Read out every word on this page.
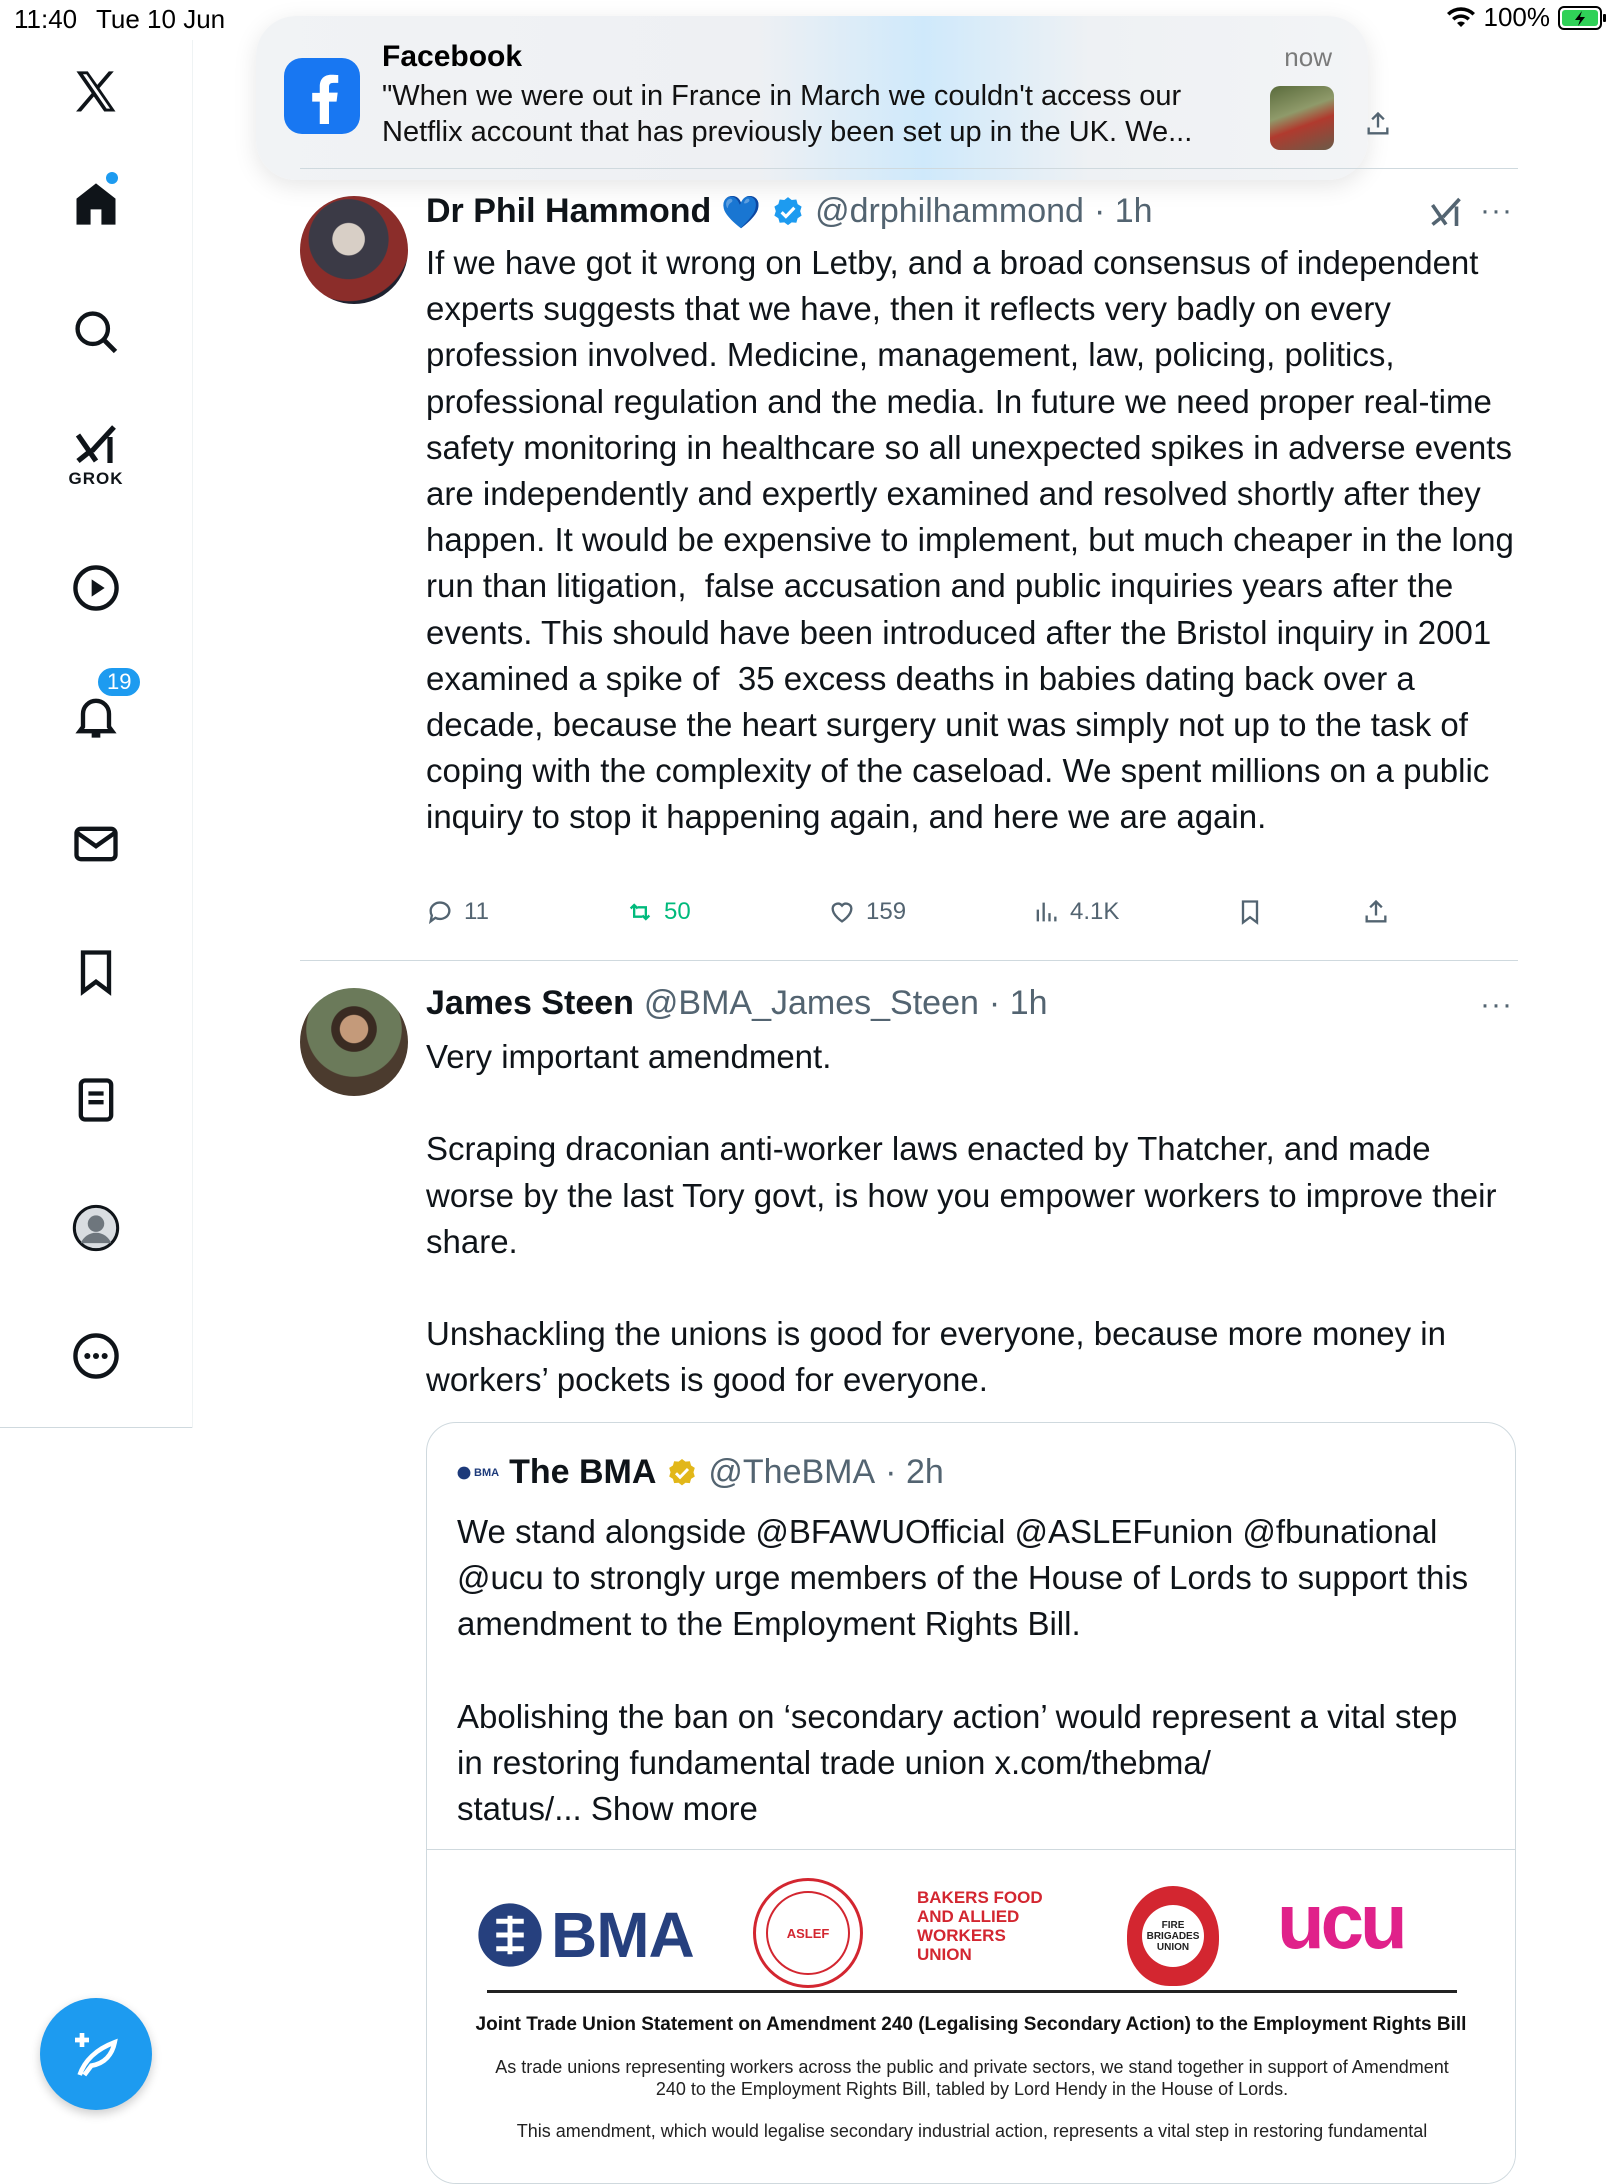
11:40 Tue 10 Jun	100%
GROK
19
Facebook	now
"When we were out in France in March we couldn't access our Netflix account that has previously been set up in the UK. We...
Dr Phil Hammond 💙 @drphilhammond · 1h	···
If we have got it wrong on Letby, and a broad consensus of independent experts suggests that we have, then it reflects very badly on every profession involved. Medicine, management, law, policing, politics, professional regulation and the media. In future we need proper real-time safety monitoring in healthcare so all unexpected spikes in adverse events are independently and expertly examined and resolved shortly after they happen. It would be expensive to implement, but much cheaper in the long run than litigation,  false accusation and public inquiries years after the events. This should have been introduced after the Bristol inquiry in 2001 examined a spike of  35 excess deaths in babies dating back over a decade, because the heart surgery unit was simply not up to the task of coping with the complexity of the caseload. We spent millions on a public inquiry to stop it happening again, and here we are again.
11	50	159	4.1K
James Steen @BMA_James_Steen · 1h	···
Very important amendment.

Scraping draconian anti-worker laws enacted by Thatcher, and made worse by the last Tory govt, is how you empower workers to improve their share.

Unshackling the unions is good for everyone, because more money in workers’ pockets is good for everyone.
BMA The BMA @TheBMA · 2h
We stand alongside @BFAWUOfficial @ASLEFunion @fbunational @ucu to strongly urge members of the House of Lords to support this amendment to the Employment Rights Bill.

Abolishing the ban on ‘secondary action’ would represent a vital step in restoring fundamental trade union x.com/thebma/
status/... Show more
BMA	ASLEF
BAKERS FOOD AND ALLIED WORKERS UNION
FIRE BRIGADES UNION ucu
Joint Trade Union Statement on Amendment 240 (Legalising Secondary Action) to the Employment Rights Bill
As trade unions representing workers across the public and private sectors, we stand together in support of Amendment 240 to the Employment Rights Bill, tabled by Lord Hendy in the House of Lords.
This amendment, which would legalise secondary industrial action, represents a vital step in restoring fundamental
